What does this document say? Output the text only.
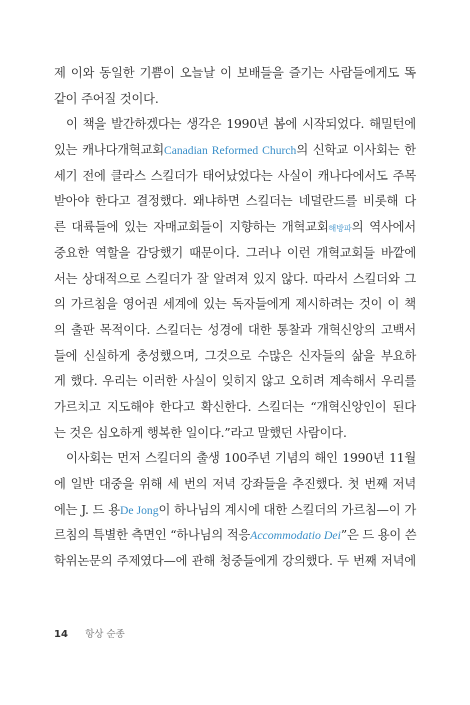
제 이와 동일한 기쁨이 오늘날 이 보배들을 즐기는 사람들에게도 똑
같이 주어질 것이다.
이 책을 발간하겠다는 생각은 1990년 봄에 시작되었다. 해밀턴에
있는 캐나다개혁교회Canadian Reformed Church의 신학교 이사회는 한
세기 전에 클라스 스킬더가 태어났었다는 사실이 캐나다에서도 주목
받아야 한다고 결정했다. 왜냐하면 스킬더는 네덜란드를 비롯해 다
른 대륙들에 있는 자매교회들이 지향하는 개혁교회해방파의 역사에서
중요한 역할을 감당했기 때문이다. 그러나 이런 개혁교회들 바깥에
서는 상대적으로 스킬더가 잘 알려져 있지 않다. 따라서 스킬더와 그
의 가르침을 영어권 세계에 있는 독자들에게 제시하려는 것이 이 책
의 출판 목적이다. 스킬더는 성경에 대한 통찰과 개혁신앙의 고백서
들에 신실하게 충성했으며, 그것으로 수많은 신자들의 삶을 부요하
게 했다. 우리는 이러한 사실이 잊히지 않고 오히려 계속해서 우리를
가르치고 지도해야 한다고 확신한다. 스킬더는 “개혁신앙인이 된다
는 것은 심오하게 행복한 일이다.”라고 말했던 사람이다.
이사회는 먼저 스킬더의 출생 100주년 기념의 해인 1990년 11월
에 일반 대중을 위해 세 번의 저녁 강좌들을 추진했다. 첫 번째 저녁
에는 J. 드 용De Jong이 하나님의 계시에 대한 스킬더의 가르침—이 가
르침의 특별한 측면인 “하나님의 적응Accommodatio Dei”은 드 용이 쓴
학위논문의 주제였다—에 관해 청중들에게 강의했다. 두 번째 저녁에
14 항상 순종
